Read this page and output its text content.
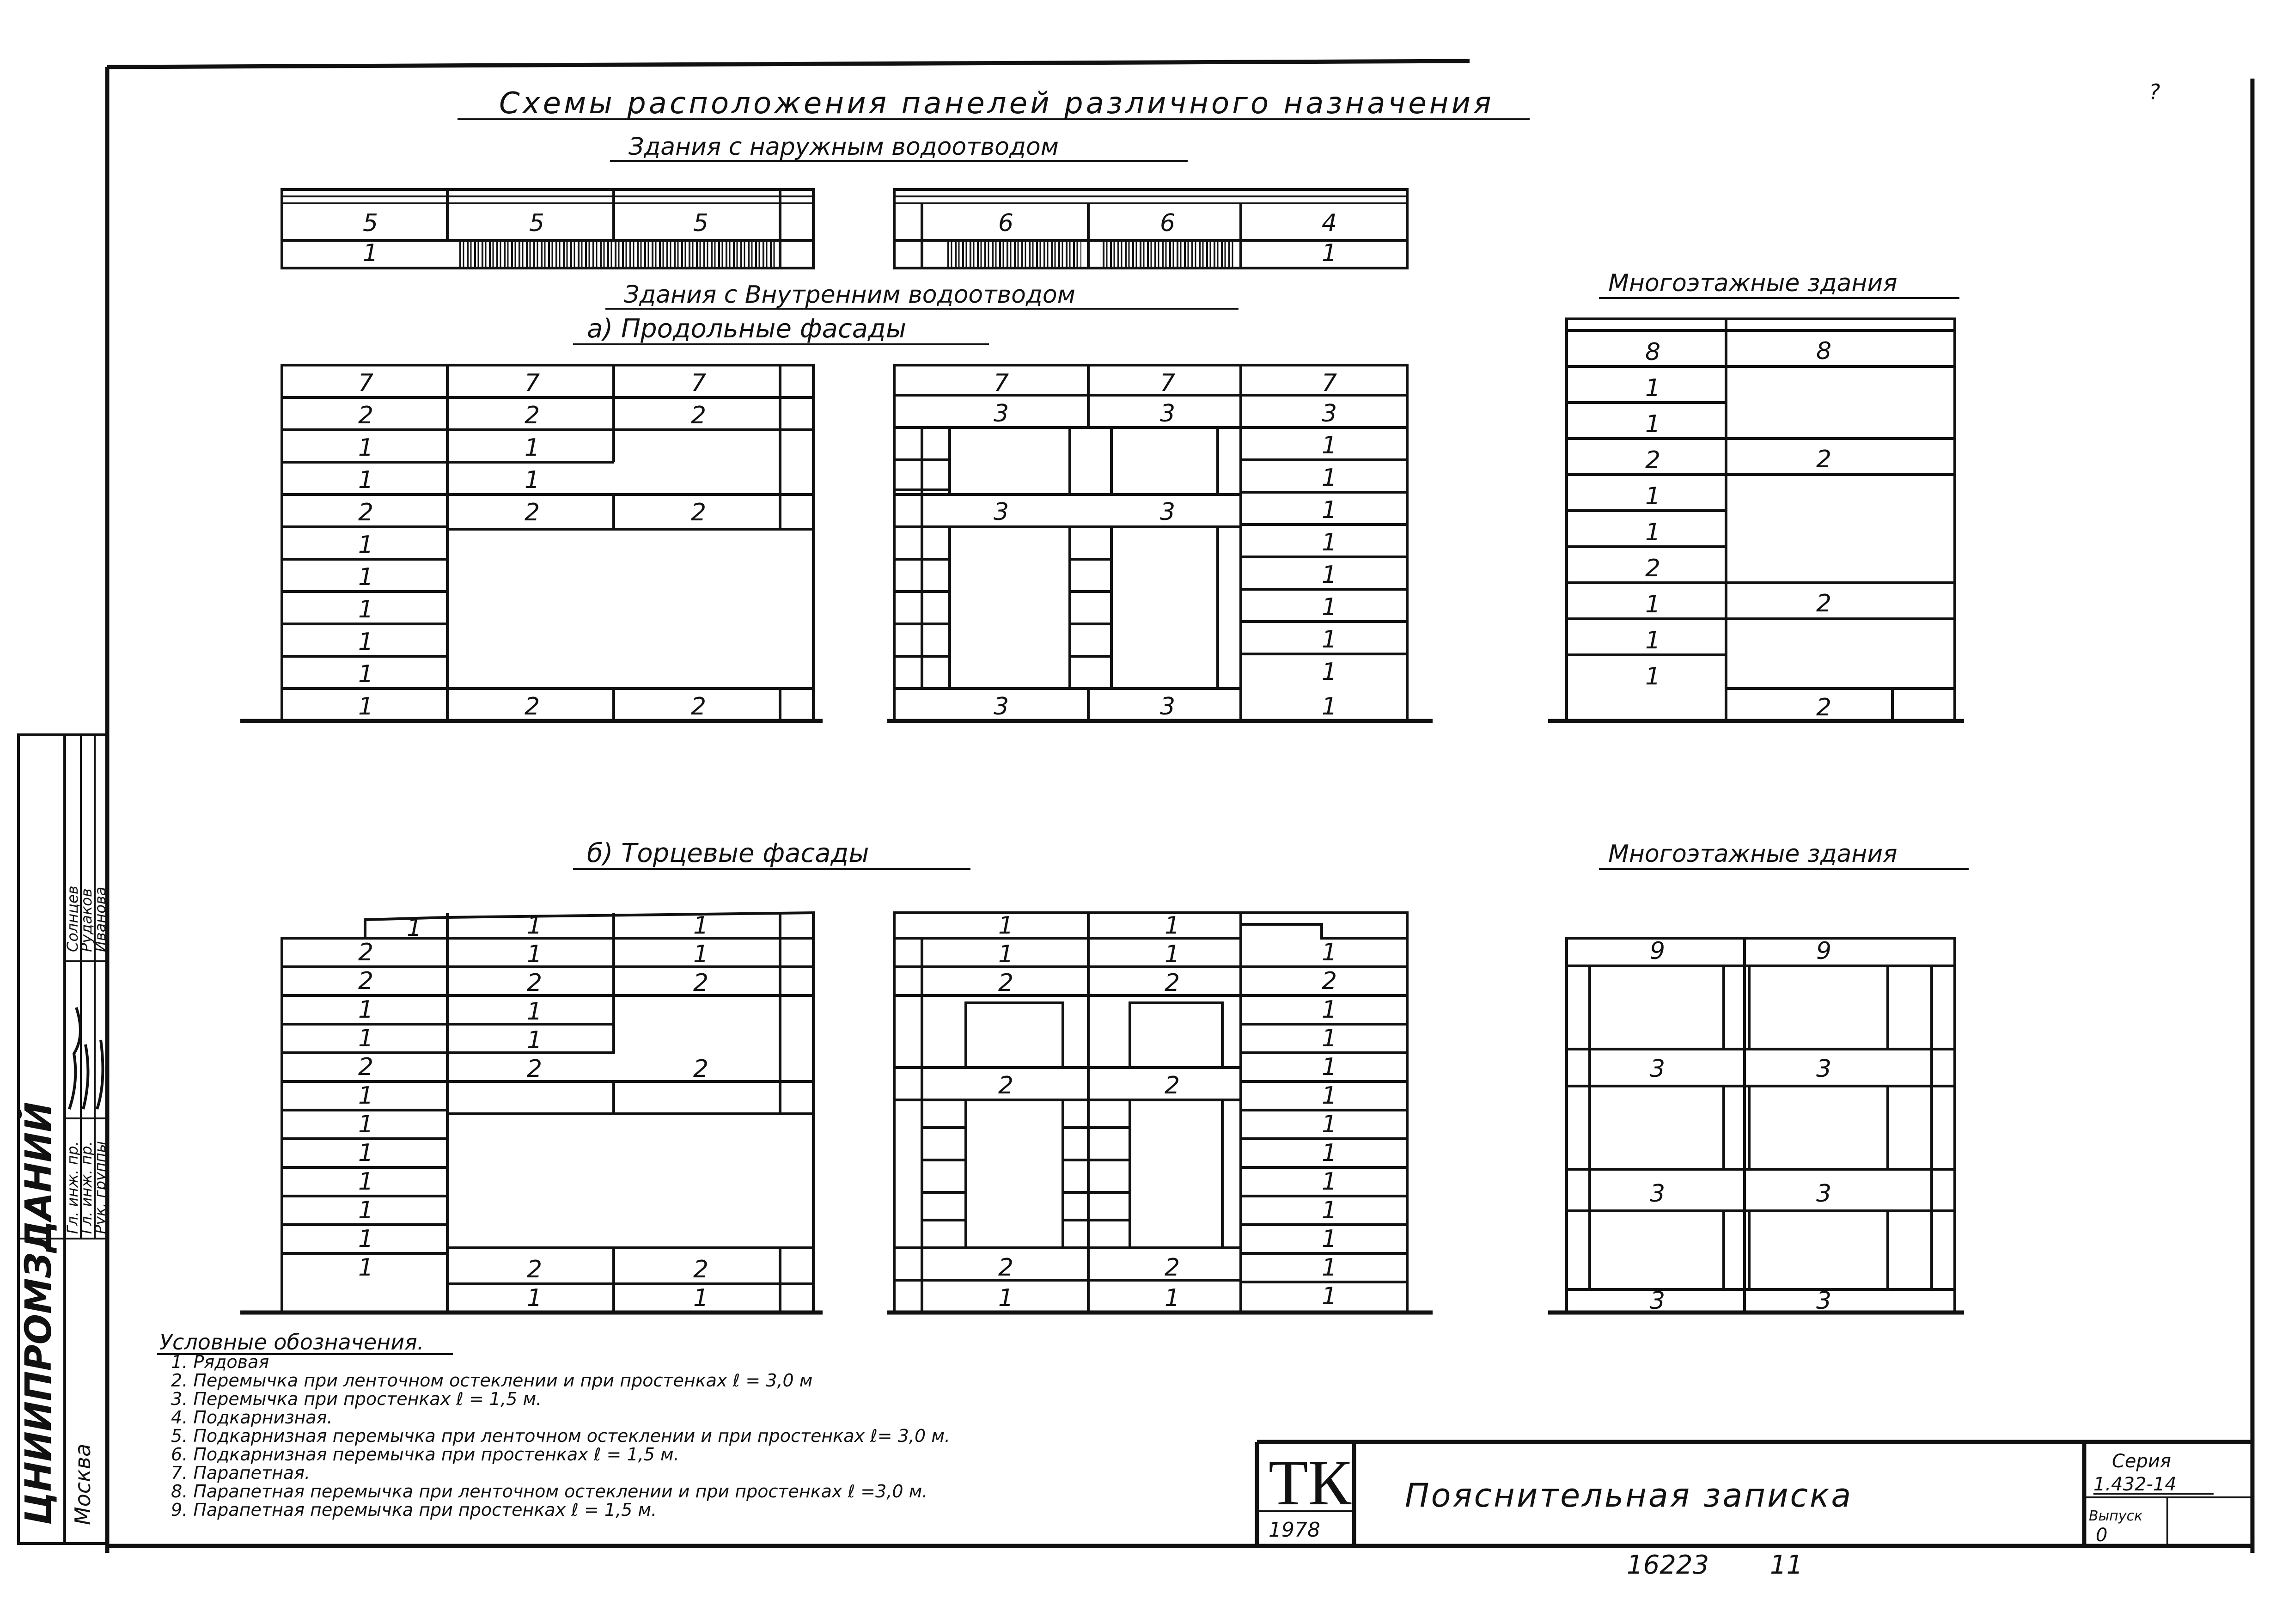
ЦНИИПРОМЗДАНИЙ Москва
Гл. инж. пр.
Гл. инж. пр.
Рук. группы
Солнцев
Рудаков
Иванова
?
Схемы расположения панелей различного назначения
Здания с наружным водоотводом
Здания с Внутренним водоотводом
а) Продольные фасады
Многоэтажные здания
б) Торцевые фасады	Многоэтажные здания
5	5	5
1
6	6	4
1
7
2
1
1
2
1
1
1
1
1
1
7
2
1
1
2
2
7
2
2
2
7	7	7
3	3	3
3	3
1
1
1
1
1
1
1
1
3	3	1
8
1
1
2
1
1
2
1
1
1
8
2
2
2
1
2
2
1
1
2
1
1
1
1
1
1
1
1
1
2
1
1
2
2
1
1
1
2
2
2
1
1
1
2
2
2
1
1
1
2
2
2
1
1
2
1
1
1
1
1
1
1
1
1
1
1
9	9
3	3
3	3
3	3
Условные обозначения.
1. Рядовая
2. Перемычка при ленточном остеклении и при простенках ℓ = 3,0 м
3. Перемычка при простенках ℓ = 1,5 м.
4. Подкарнизная.
5. Подкарнизная перемычка при ленточном остеклении и при простенках ℓ= 3,0 м.
6. Подкарнизная перемычка при простенках ℓ = 1,5 м.
7. Парапетная.
8. Парапетная перемычка при ленточном остеклении и при простенках ℓ =3,0 м.
9. Парапетная перемычка при простенках ℓ = 1,5 м.	ТК
1978
Пояснительная записка
Серия
1.432-14
Выпуск
0
16223 11
